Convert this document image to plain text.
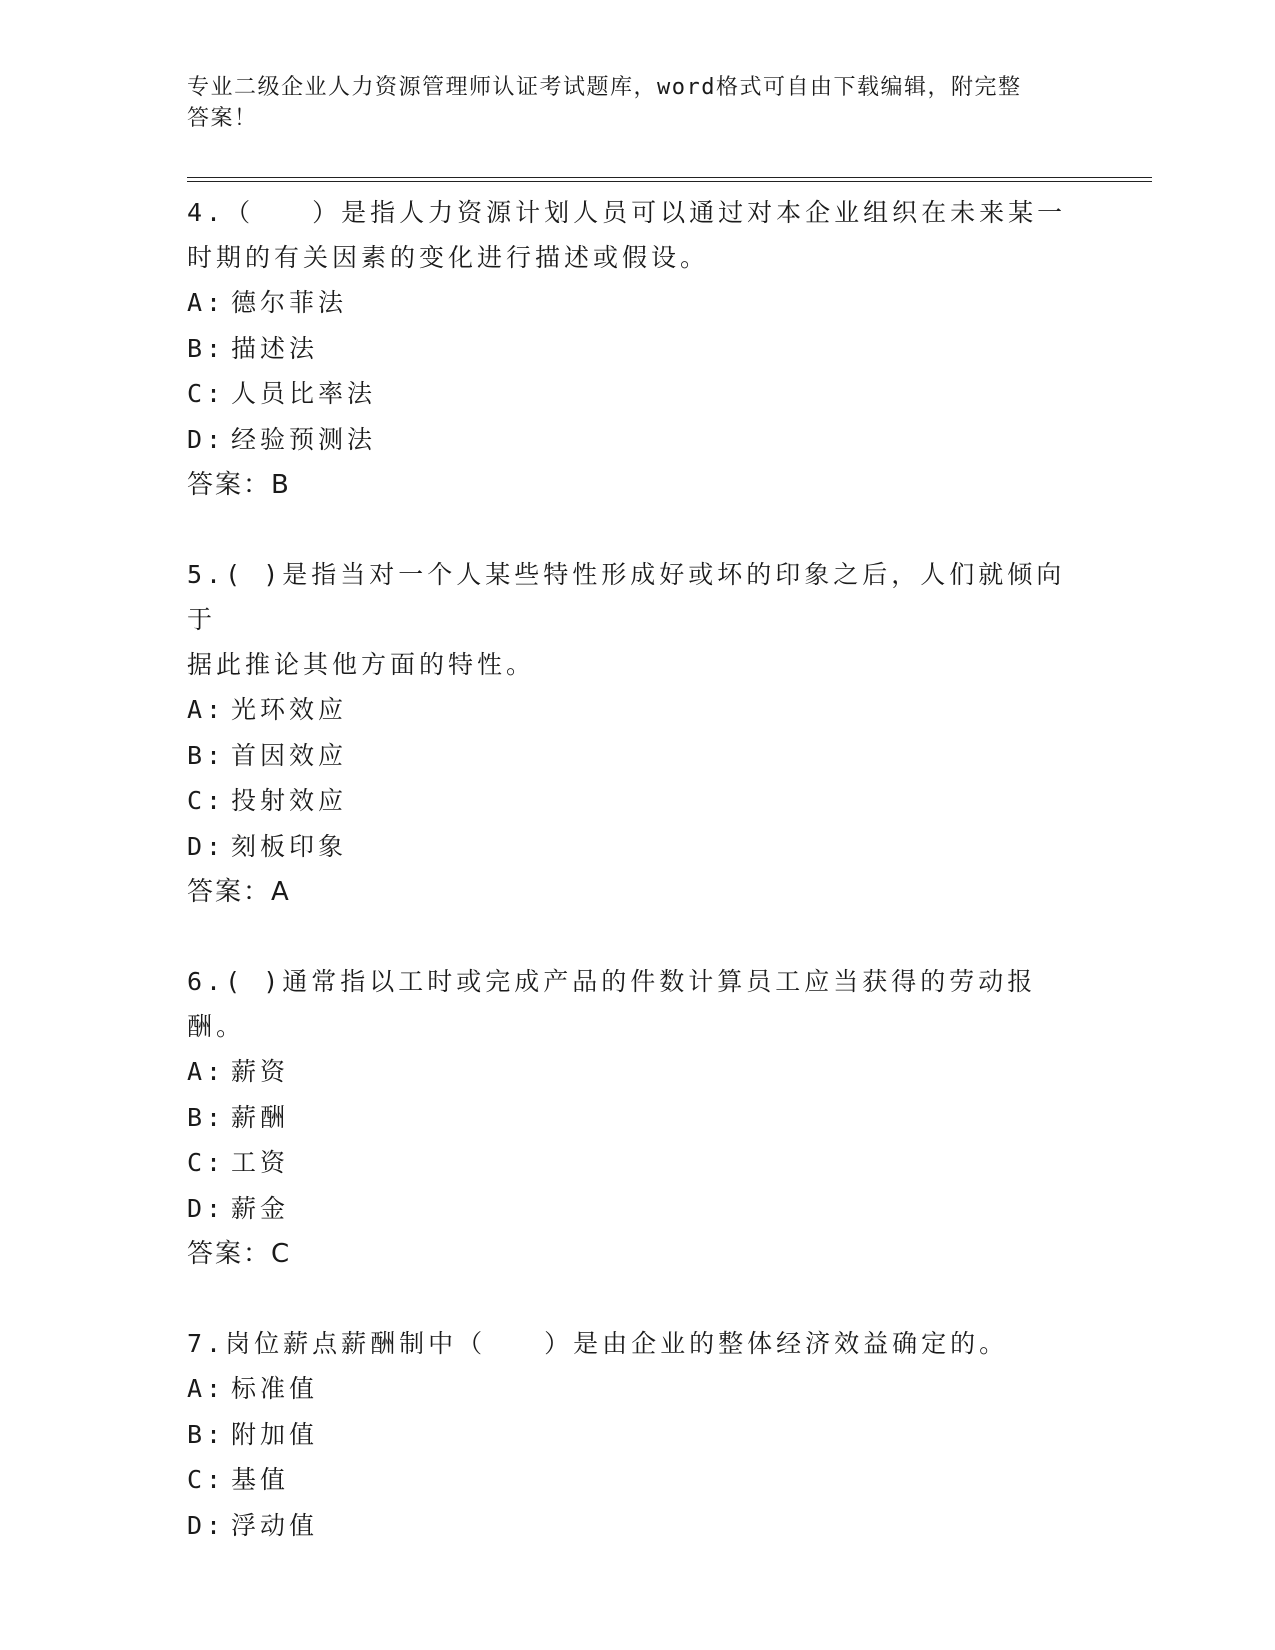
专业二级企业人力资源管理师认证考试题库，word格式可自由下载编辑，附完整
答案！
4.（　　）是指人力资源计划人员可以通过对本企业组织在未来某一
时期的有关因素的变化进行描述或假设。
A: 德尔菲法
B: 描述法
C: 人员比率法
D: 经验预测法
答案：B
5.( )是指当对一个人某些特性形成好或坏的印象之后，人们就倾向于
据此推论其他方面的特性。
A: 光环效应
B: 首因效应
C: 投射效应
D: 刻板印象
答案：A
6.( )通常指以工时或完成产品的件数计算员工应当获得的劳动报酬。
A: 薪资
B: 薪酬
C: 工资
D: 薪金
答案：C
7.岗位薪点薪酬制中（　　）是由企业的整体经济效益确定的。
A: 标准值
B: 附加值
C: 基值
D: 浮动值
